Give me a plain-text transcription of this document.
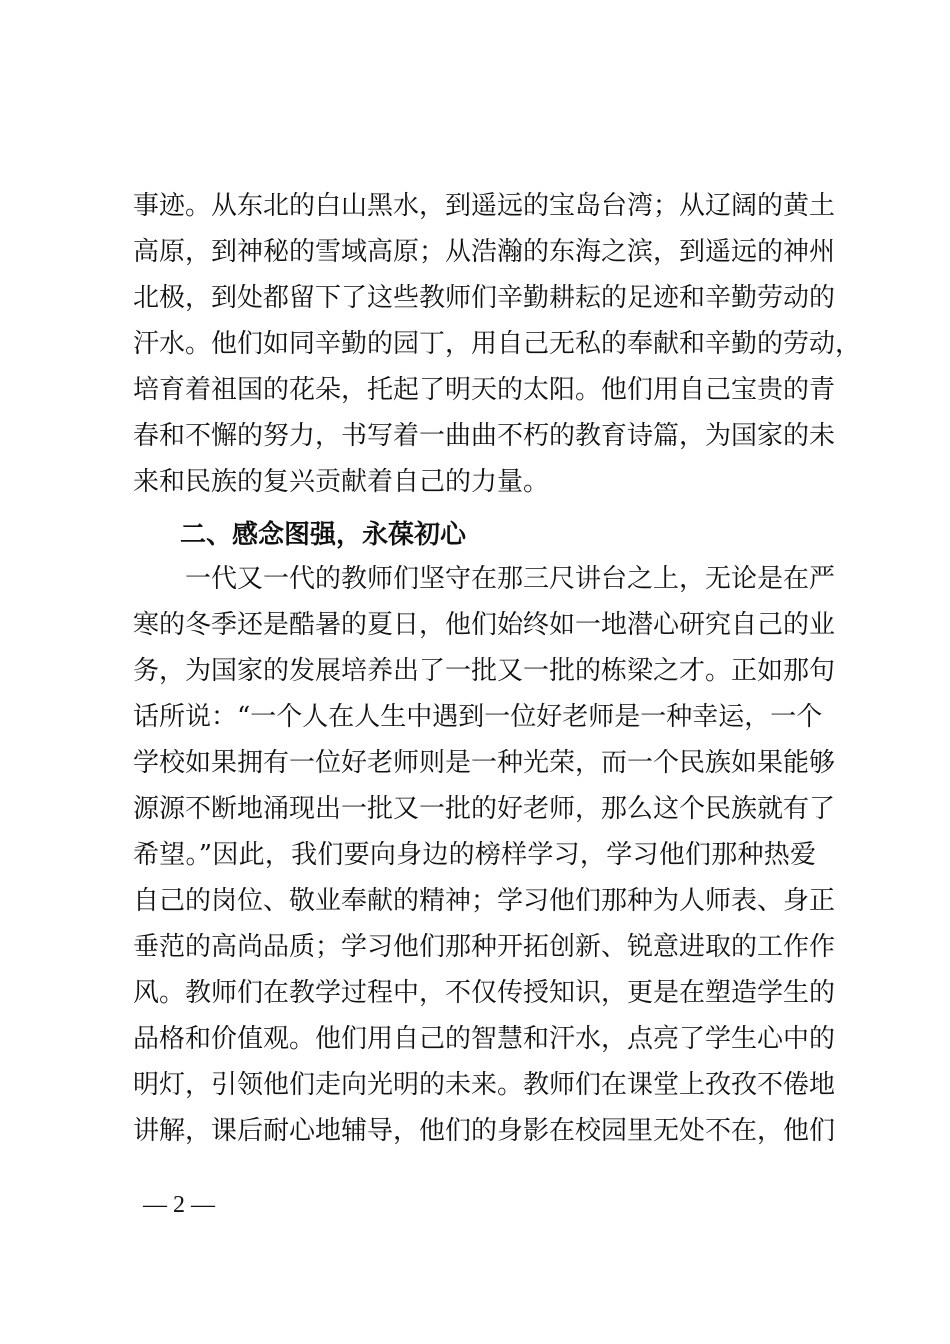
事迹。从东北的白山黑水，到遥远的宝岛台湾；从辽阔的黄土
高原，到神秘的雪域高原；从浩瀚的东海之滨，到遥远的神州
北极，到处都留下了这些教师们辛勤耕耘的足迹和辛勤劳动的
汗水。他们如同辛勤的园丁，用自己无私的奉献和辛勤的劳动，
培育着祖国的花朵，托起了明天的太阳。他们用自己宝贵的青
春和不懈的努力，书写着一曲曲不朽的教育诗篇，为国家的未
来和民族的复兴贡献着自己的力量。
二、感念图强，永葆初心
一代又一代的教师们坚守在那三尺讲台之上，无论是在严
寒的冬季还是酷暑的夏日，他们始终如一地潜心研究自己的业
务，为国家的发展培养出了一批又一批的栋梁之才。正如那句
话所说：“一个人在人生中遇到一位好老师是一种幸运，一个
学校如果拥有一位好老师则是一种光荣，而一个民族如果能够
源源不断地涌现出一批又一批的好老师，那么这个民族就有了
希望。”因此，我们要向身边的榜样学习，学习他们那种热爱
自己的岗位、敬业奉献的精神；学习他们那种为人师表、身正
垂范的高尚品质；学习他们那种开拓创新、锐意进取的工作作
风。教师们在教学过程中，不仅传授知识，更是在塑造学生的
品格和价值观。他们用自己的智慧和汗水，点亮了学生心中的
明灯，引领他们走向光明的未来。教师们在课堂上孜孜不倦地
讲解，课后耐心地辅导，他们的身影在校园里无处不在，他们
— 2 —
